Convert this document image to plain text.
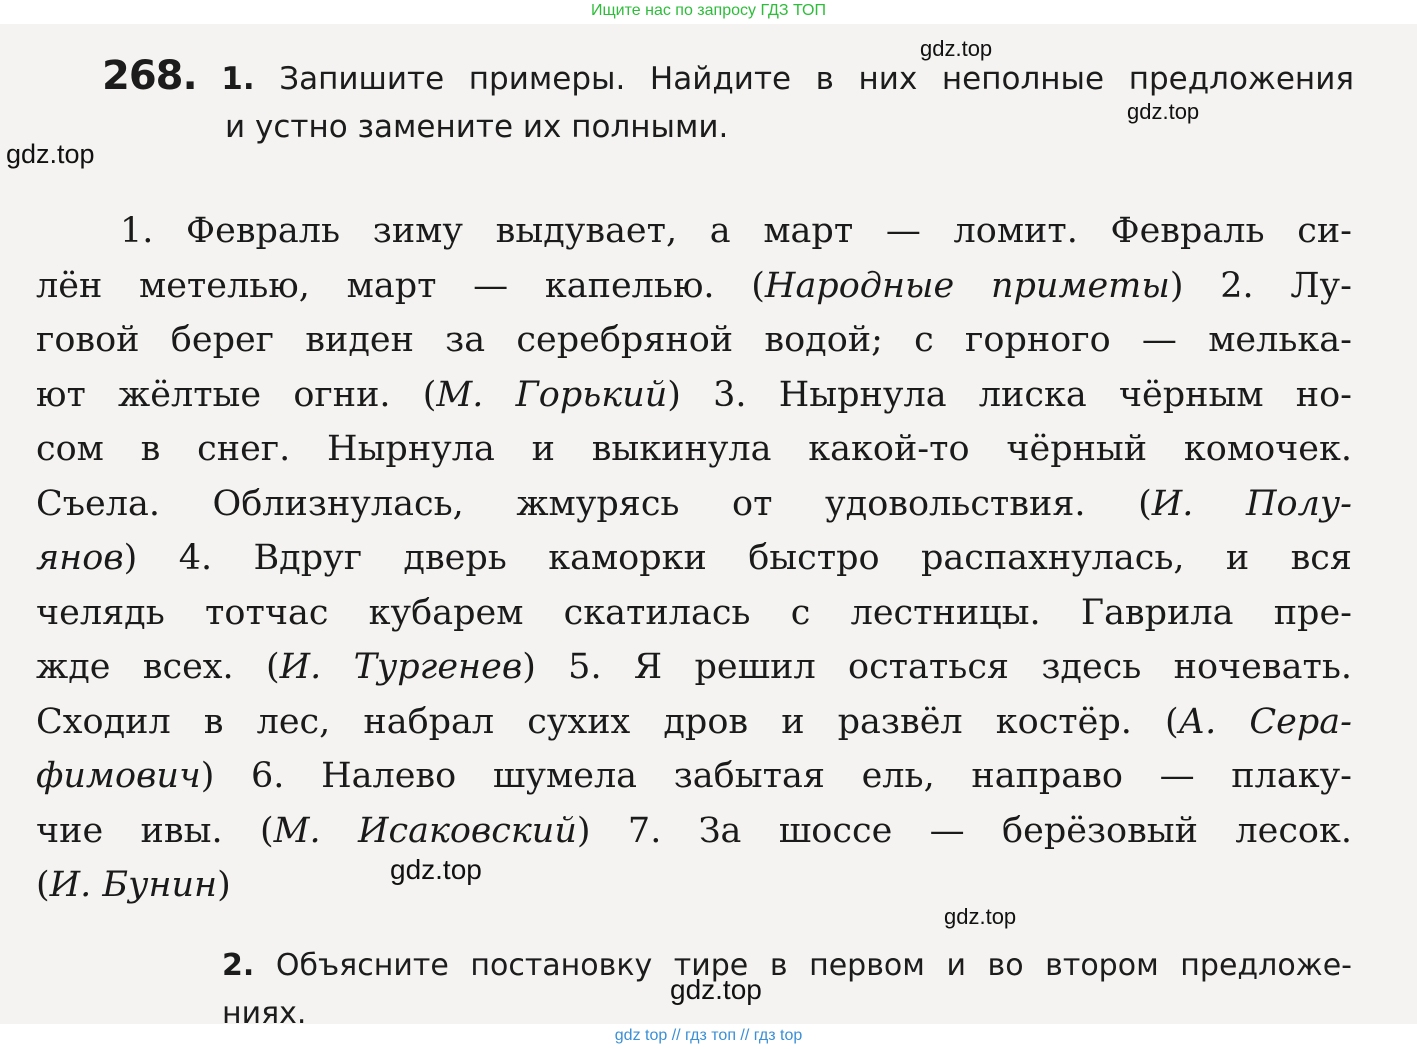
Ищите нас по запросу ГДЗ ТОП
268. 1. Запишите примеры. Найдите в них неполные предложения
и устно замените их полными.
1. Февраль зиму выдувает, а март — ломит. Февраль си-
лён метелью, март — капелью. (Народные приметы) 2. Лу-
говой берег виден за серебряной водой; с горного — мелька-
ют жёлтые огни. (М. Горький) 3. Нырнула лиска чёрным но-
сом в снег. Нырнула и выкинула какой-то чёрный комочек.
Съела. Облизнулась, жмурясь от удовольствия. (И. Полу-
янов) 4. Вдруг дверь каморки быстро распахнулась, и вся
челядь тотчас кубарем скатилась с лестницы. Гаврила пре-
жде всех. (И. Тургенев) 5. Я решил остаться здесь ночевать.
Сходил в лес, набрал сухих дров и развёл костёр. (А. Сера-
фимович) 6. Налево шумела забытая ель, направо — плаку-
чие ивы. (М. Исаковский) 7. За шоссе — берёзовый лесок.
(И. Бунин)
2. Объясните постановку тире в первом и во втором предложе-
ниях.
gdz.top
gdz.top
gdz.top
gdz.top
gdz.top
gdz.top
gdz top // гдз топ // гдз top
